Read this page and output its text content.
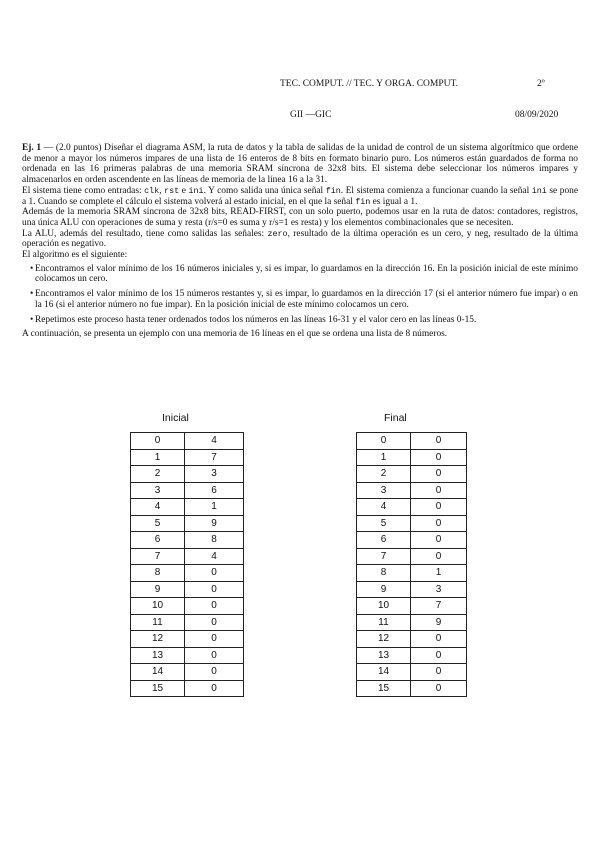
TEC. COMPUT. // TEC. Y ORGA. COMPUT.	2º
GII —GIC	08/09/2020

Ej. 1 — (2.0 puntos) Diseñar el diagrama ASM, la ruta de datos y la tabla de salidas de la unidad de control de un sistema algorítmico que ordene de menor a mayor los números impares de una lista de 16 enteros de 8 bits en formato binario puro. Los números están guardados de forma no ordenada en las 16 primeras palabras de una memoria SRAM síncrona de 32x8 bits. El sistema debe seleccionar los números impares y almacenarlos en orden ascendente en las líneas de memoria de la línea 16 a la 31.

El sistema tiene como entradas: clk, rst e ini. Y como salida una única señal fin. El sistema comienza a funcionar cuando la señal ini se pone a 1. Cuando se complete el cálculo el sistema volverá al estado inicial, en el que la señal fin es igual a 1.

Además de la memoria SRAM síncrona de 32x8 bits, READ-FIRST, con un solo puerto, podemos usar en la ruta de datos: contadores, registros, una única ALU con operaciones de suma y resta (r/s=0 es suma y r/s=1 es resta) y los elementos combinacionales que se necesiten.

La ALU, además del resultado, tiene como salidas las señales: zero, resultado de la última operación es un cero, y neg, resultado de la última operación es negativo.

El algoritmo es el siguiente:

• Encontramos el valor mínimo de los 16 números iniciales y, si es impar, lo guardamos en la dirección 16. En la posición inicial de este mínimo colocamos un cero.
• Encontramos el valor mínimo de los 15 números restantes y, si es impar, lo guardamos en la dirección 17 (si el anterior número fue impar) o en la 16 (si el anterior número no fue impar). En la posición inicial de este mínimo colocamos un cero.
• Repetimos este proceso hasta tener ordenados todos los números en las líneas 16-31 y el valor cero en las líneas 0-15.

A continuación, se presenta un ejemplo con una memoria de 16 líneas en el que se ordena una lista de 8 números.

Inicial	Final
0	4	
1	7	
2	3	
3	6	
4	1	
5	9	
6	8	
7	4	
8	0	
9	0	
10	0	
11	0	
12	0	
13	0	
14	0	
15	0	
	0	0
	1	0
	2	0
	3	0
	4	0
	5	0
	6	0
	7	0
	8	1
	9	3
	10	7
	11	9
	12	0
	13	0
	14	0
	15	0
